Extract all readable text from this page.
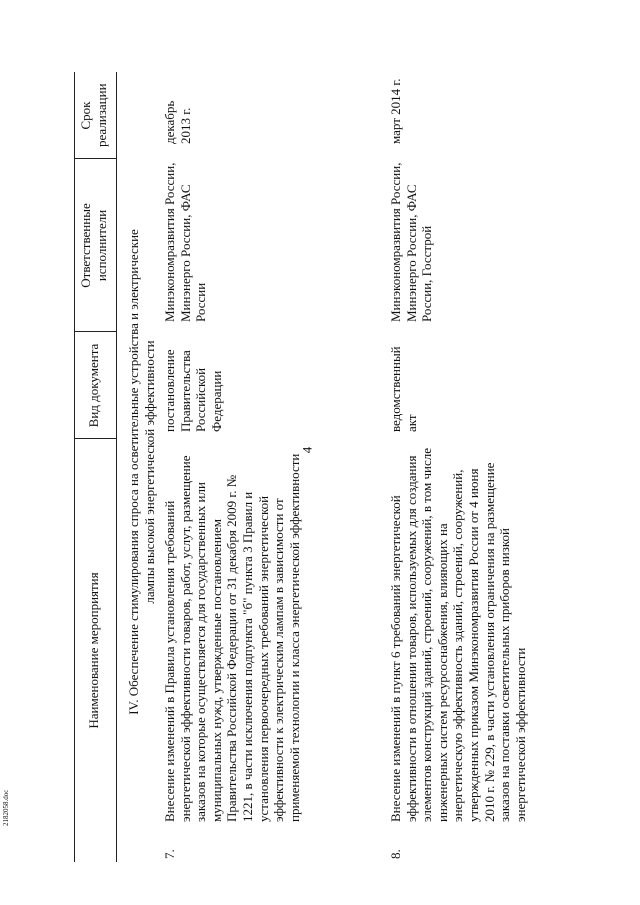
4
2182058.doc
Наименование мероприятия
Вид документа
Ответственные исполнители
Срок реализации
IV. Обеспечение стимулирования спроса на осветительные устройства и электрические лампы высокой энергетической эффективности
7.
Внесение изменений в Правила установления требований энергетической эффективности товаров, работ, услут, размещение заказов на которые осуществляется для государственных или муниципальных нужд, утвержденные постановлением Правительства Российской Федерации от 31 декабря 2009 г. № 1221, в части исключения подпункта "б" пункта 3 Правил и установления первоочередных требований энергетической эффективности к электрическим лампам в зависимости от применяемой технологии и класса энергетической эффективности
постановление Правительства Российской Федерации
Минэкономразвития России, Минэнерго России, ФАС России
декабрь 2013 г.
8.
Внесение изменений в пункт 6 требований энергетической эффективности в отношении товаров, используемых для создания элементов конструкций зданий, строений, сооружений, в том числе инженерных систем ресурсоснабжения, влияющих на энергетическую эффективность зданий, строений, сооружений, утвержденных приказом Минэкономразвития России от 4 июня 2010 г. № 229, в части установления ограничения на размещение заказов на поставки осветительных приборов низкой энергетической эффективности
ведомственный акт
Минэкономразвития России, Минэнерго России, ФАС России, Госстрой
март 2014 г.
